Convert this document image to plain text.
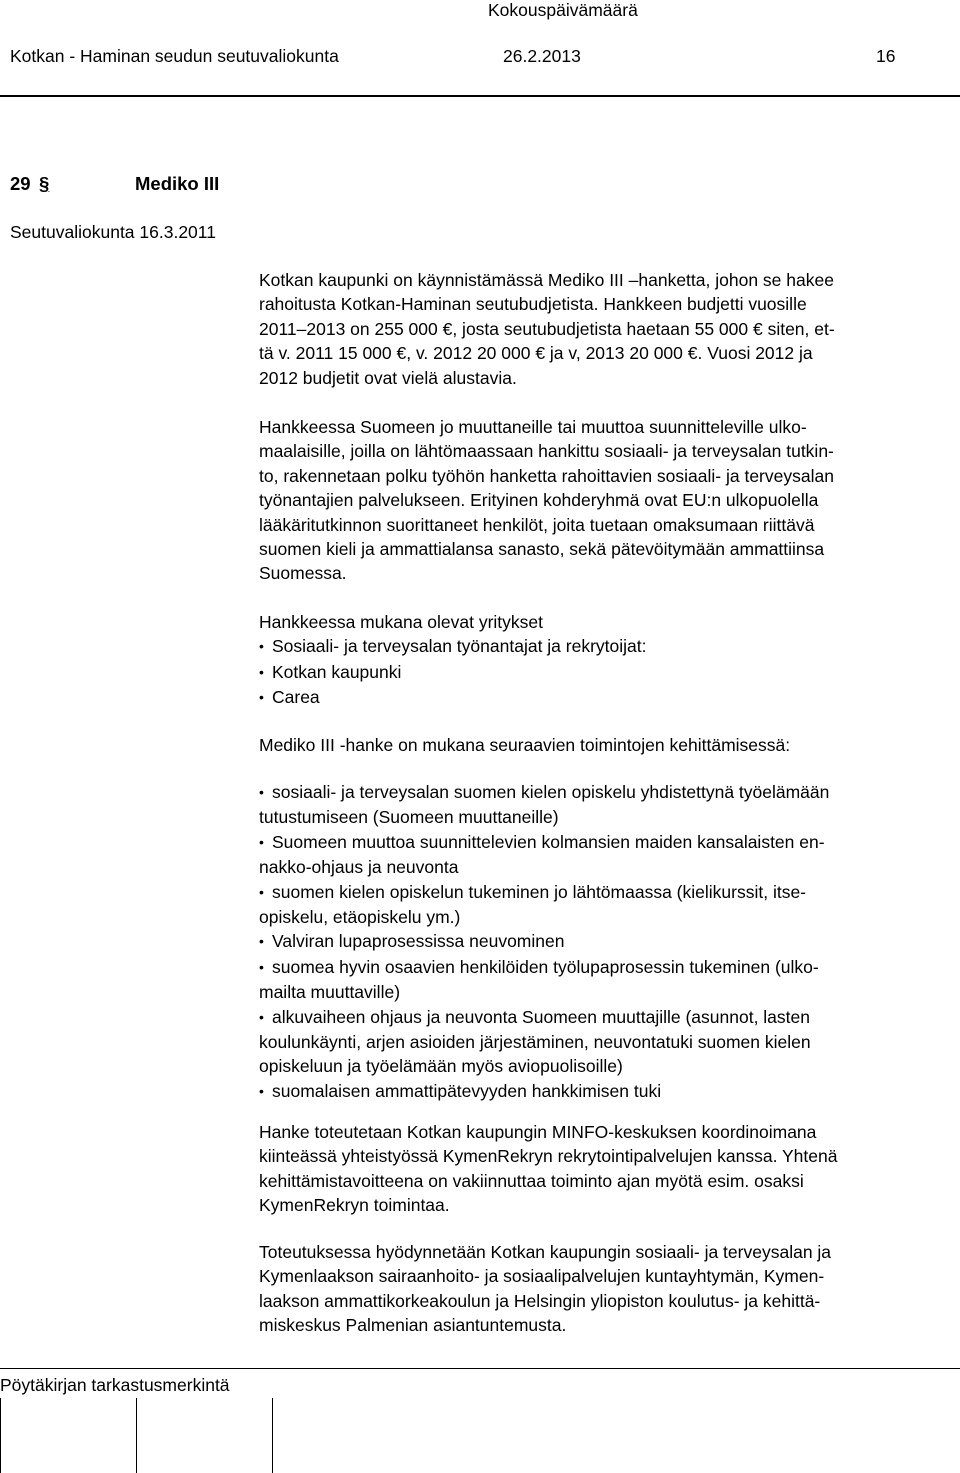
Kokouspäivämäärä
Kotkan - Haminan seudun seutuvaliokunta	26.2.2013	16
29 §	Mediko III
Seutuvaliokunta 16.3.2011
Kotkan kaupunki on käynnistämässä Mediko III –hanketta, johon se hakee
rahoitusta Kotkan-Haminan seutubudjetista. Hankkeen budjetti vuosille
2011–2013 on 255 000 €, josta seutubudjetista haetaan 55 000 € siten, et-
tä v. 2011 15 000 €, v. 2012 20 000 € ja v, 2013 20 000 €. Vuosi 2012 ja
2012 budjetit ovat vielä alustavia.
Hankkeessa Suomeen jo muuttaneille tai muuttoa suunnitteleville ulko-
maalaisille, joilla on lähtömaassaan hankittu sosiaali- ja terveysalan tutkin-
to, rakennetaan polku työhön hanketta rahoittavien sosiaali- ja terveysalan
työnantajien palvelukseen. Erityinen kohderyhmä ovat EU:n ulkopuolella
lääkäritutkinnon suorittaneet henkilöt, joita tuetaan omaksumaan riittävä
suomen kieli ja ammattialansa sanasto, sekä pätevöitymään ammattiinsa
Suomessa.
Hankkeessa mukana olevat yritykset
• Sosiaali- ja terveysalan työnantajat ja rekrytoijat:
• Kotkan kaupunki
• Carea
Mediko III -hanke on mukana seuraavien toimintojen kehittämisessä:
• sosiaali- ja terveysalan suomen kielen opiskelu yhdistettynä työelämään
tutustumiseen (Suomeen muuttaneille)
• Suomeen muuttoa suunnittelevien kolmansien maiden kansalaisten en-
nakko-ohjaus ja neuvonta
• suomen kielen opiskelun tukeminen jo lähtömaassa (kielikurssit, itse-
opiskelu, etäopiskelu ym.)
• Valviran lupaprosessissa neuvominen
• suomea hyvin osaavien henkilöiden työlupaprosessin tukeminen (ulko-
mailta muuttaville)
• alkuvaiheen ohjaus ja neuvonta Suomeen muuttajille (asunnot, lasten
koulunkäynti, arjen asioiden järjestäminen, neuvontatuki suomen kielen
opiskeluun ja työelämään myös aviopuolisoille)
• suomalaisen ammattipätevyyden hankkimisen tuki
Hanke toteutetaan Kotkan kaupungin MINFO-keskuksen koordinoimana
kiinteässä yhteistyössä KymenRekryn rekrytointipalvelujen kanssa. Yhtenä
kehittämistavoitteena on vakiinnuttaa toiminto ajan myötä esim. osaksi
KymenRekryn toimintaa.
Toteutuksessa hyödynnetään Kotkan kaupungin sosiaali- ja terveysalan ja
Kymenlaakson sairaanhoito- ja sosiaalipalvelujen kuntayhtymän, Kymen-
laakson ammattikorkeakoulun ja Helsingin yliopiston koulutus- ja kehittä-
miskeskus Palmenian asiantuntemusta.
Pöytäkirjan tarkastusmerkintä
